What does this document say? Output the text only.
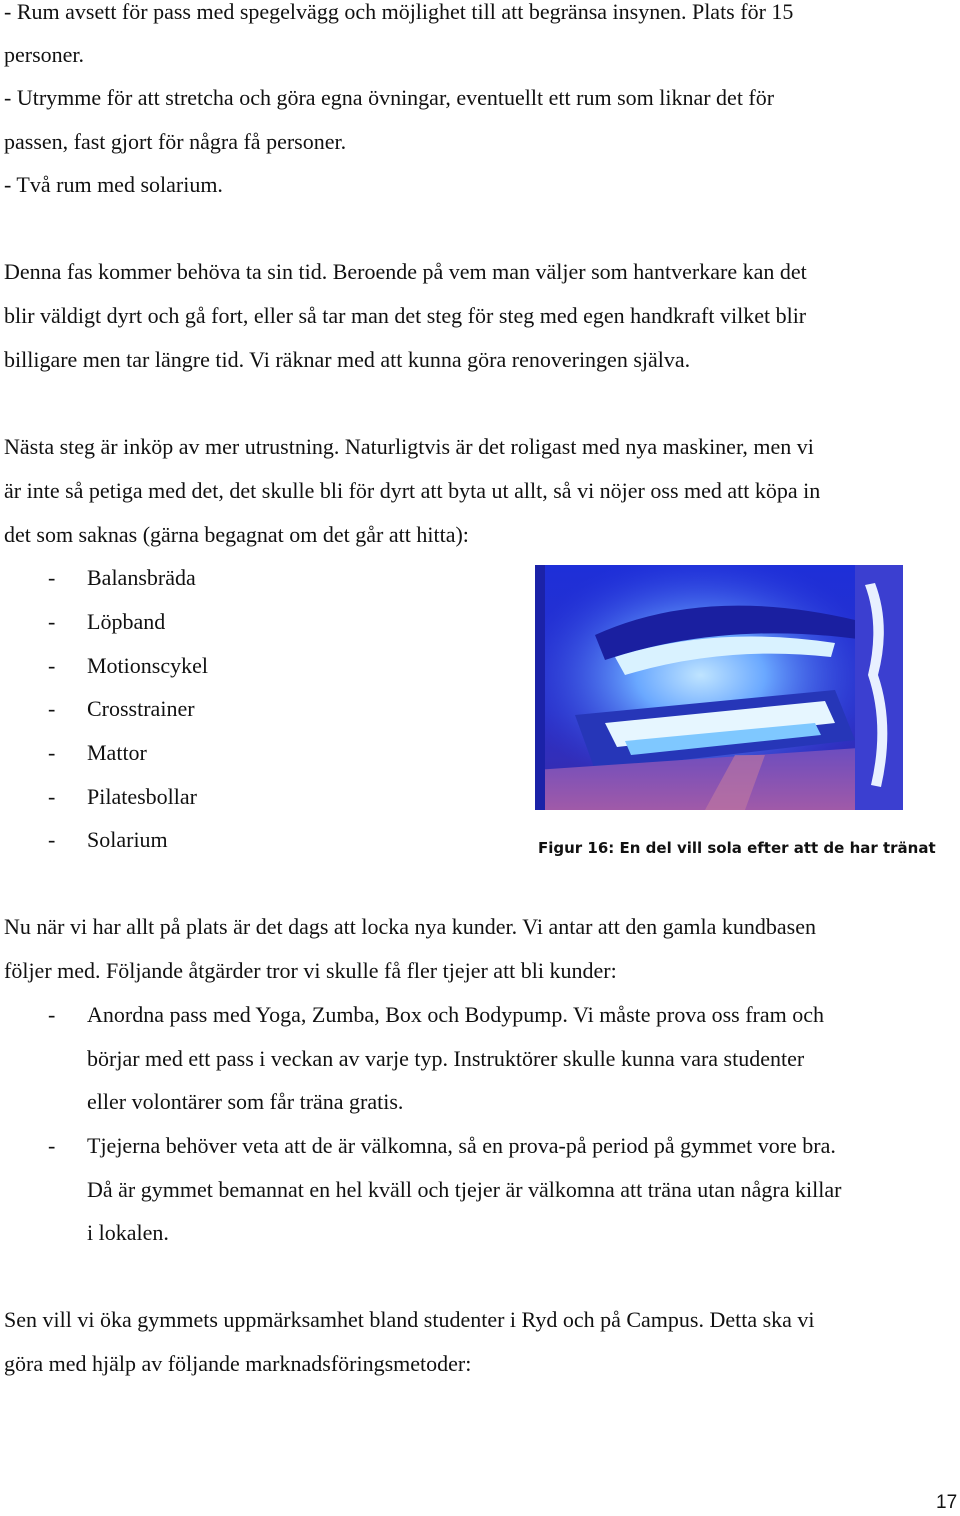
- Rum avsett för pass med spegelvägg och möjlighet till att begränsa insynen. Plats för 15
personer.
- Utrymme för att stretcha och göra egna övningar, eventuellt ett rum som liknar det för
passen, fast gjort för några få personer.
- Två rum med solarium.
Denna fas kommer behöva ta sin tid. Beroende på vem man väljer som hantverkare kan det
blir väldigt dyrt och gå fort, eller så tar man det steg för steg med egen handkraft vilket blir
billigare men tar längre tid. Vi räknar med att kunna göra renoveringen själva.
Nästa steg är inköp av mer utrustning. Naturligtvis är det roligast med nya maskiner, men vi
är inte så petiga med det, det skulle bli för dyrt att byta ut allt, så vi nöjer oss med att köpa in
det som saknas (gärna begagnat om det går att hitta):
- Balansbräda
- Löpband
- Motionscykel
- Crosstrainer
- Mattor
- Pilatesbollar
- Solarium	Figur 16: En del vill sola efter att de har tränat
Nu när vi har allt på plats är det dags att locka nya kunder. Vi antar att den gamla kundbasen
följer med. Följande åtgärder tror vi skulle få fler tjejer att bli kunder:
- Anordna pass med Yoga, Zumba, Box och Bodypump. Vi måste prova oss fram och
börjar med ett pass i veckan av varje typ. Instruktörer skulle kunna vara studenter
eller volontärer som får träna gratis.
- Tjejerna behöver veta att de är välkomna, så en prova-på period på gymmet vore bra.
Då är gymmet bemannat en hel kväll och tjejer är välkomna att träna utan några killar
i lokalen.
Sen vill vi öka gymmets uppmärksamhet bland studenter i Ryd och på Campus. Detta ska vi
göra med hjälp av följande marknadsföringsmetoder:
17
